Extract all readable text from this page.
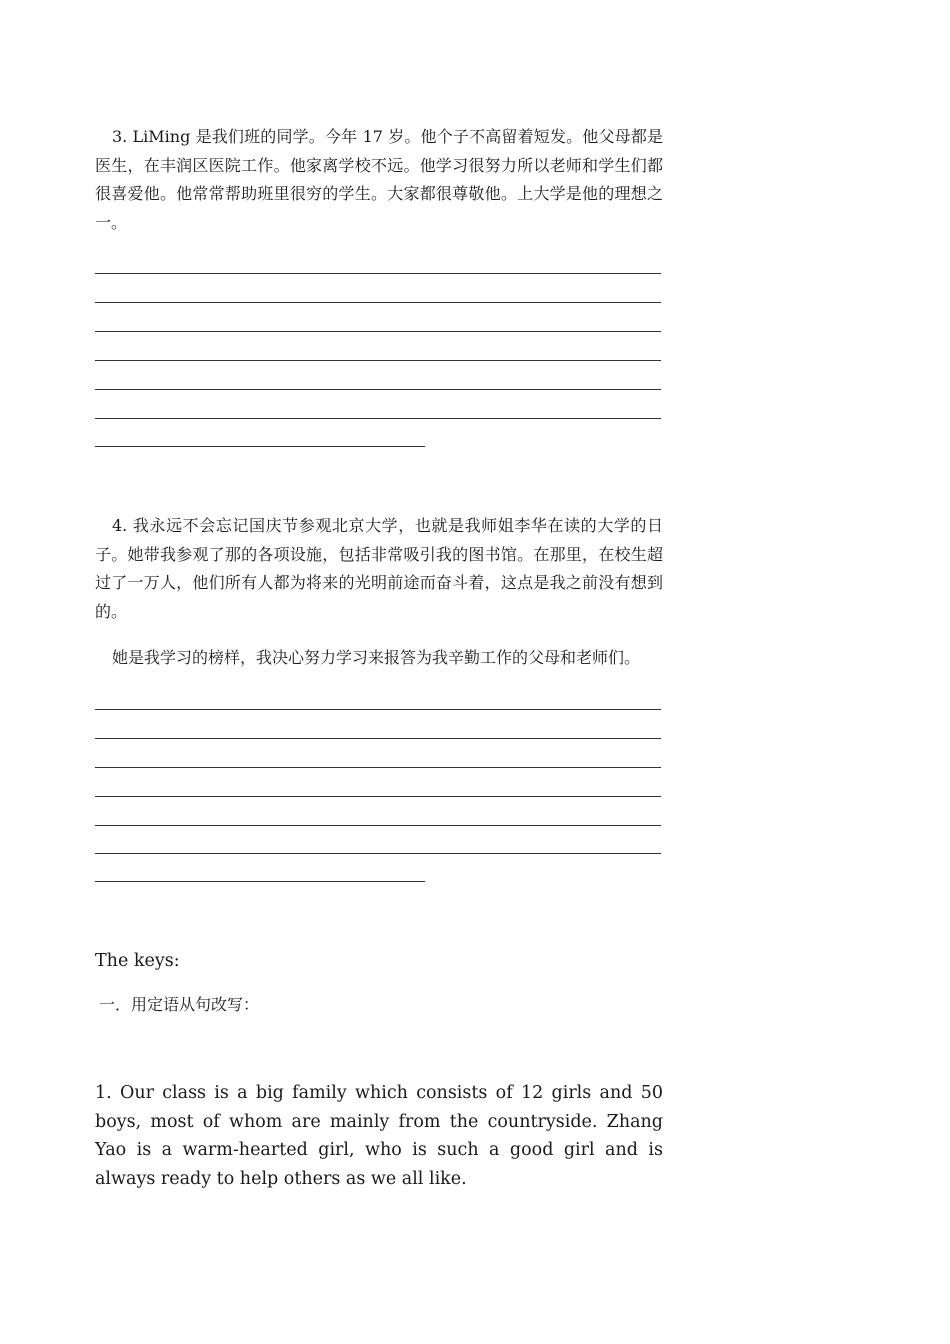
3. LiMing 是我们班的同学。今年 17 岁。他个子不高留着短发。他父母都是医生，在丰润区医院工作。他家离学校不远。他学习很努力所以老师和学生们都很喜爱他。他常常帮助班里很穷的学生。大家都很尊敬他。上大学是他的理想之一。

4. 我永远不会忘记国庆节参观北京大学，也就是我师姐李华在读的大学的日子。她带我参观了那的各项设施，包括非常吸引我的图书馆。在那里，在校生超过了一万人，他们所有人都为将来的光明前途而奋斗着，这点是我之前没有想到的。

她是我学习的榜样，我决心努力学习来报答为我辛勤工作的父母和老师们。

The keys:

一．用定语从句改写：

1. Our class is a big family which consists of 12 girls and 50 boys, most of whom are mainly from the countryside. Zhang Yao is a warm-hearted girl, who is such a good girl and is always ready to help others as we all like.
